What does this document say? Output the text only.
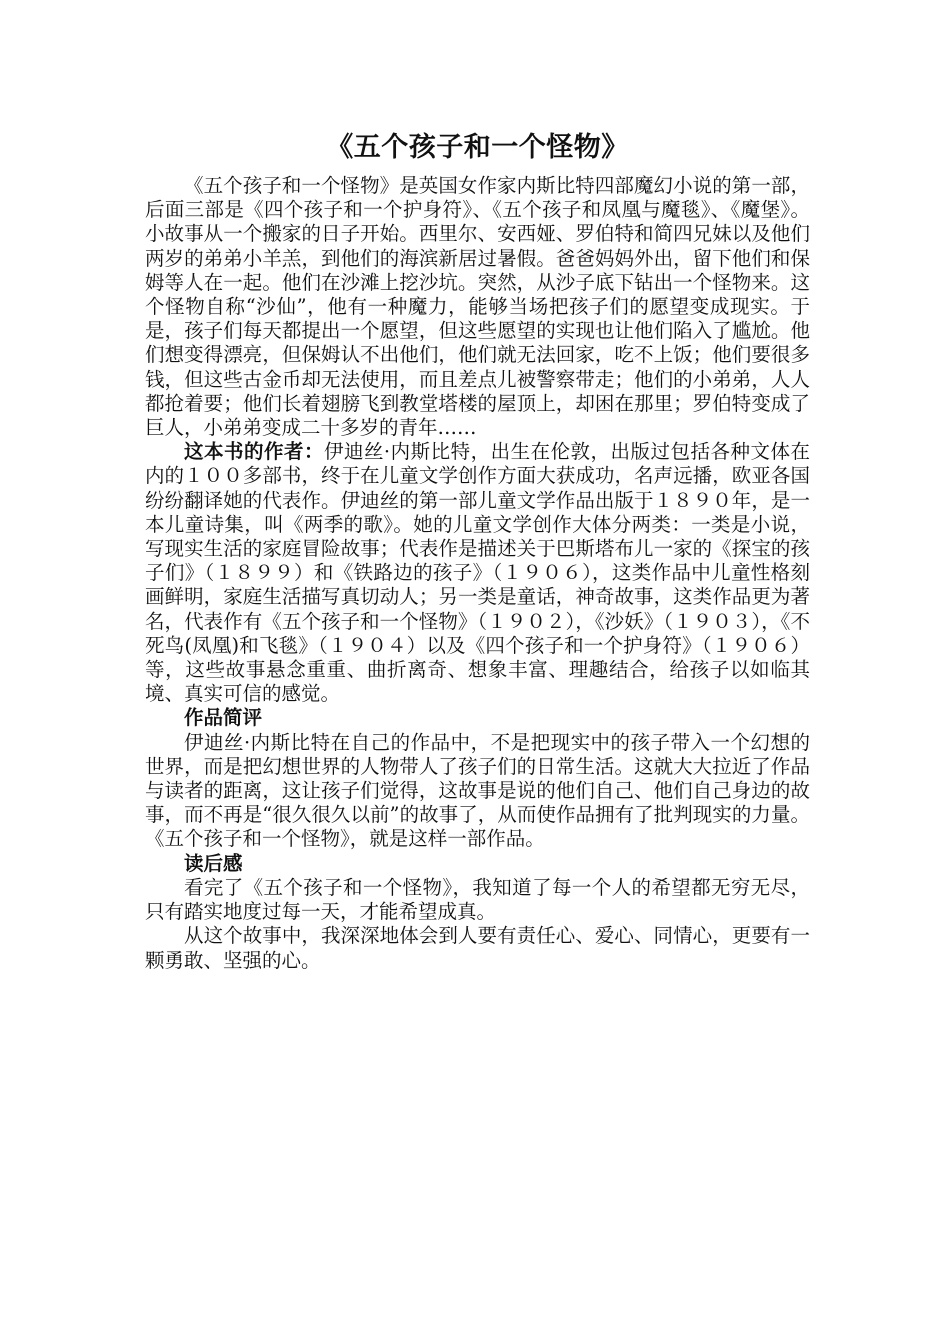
《五个孩子和一个怪物》

《五个孩子和一个怪物》是英国女作家内斯比特四部魔幻小说的第一部，后面三部是《四个孩子和一个护身符》、《五个孩子和凤凰与魔毯》、《魔堡》。小故事从一个搬家的日子开始。西里尔、安西娅、罗伯特和简四兄妹以及他们两岁的弟弟小羊羔，到他们的海滨新居过暑假。爸爸妈妈外出，留下他们和保姆等人在一起。他们在沙滩上挖沙坑。突然，从沙子底下钻出一个怪物来。这个怪物自称“沙仙”，他有一种魔力，能够当场把孩子们的愿望变成现实。于是，孩子们每天都提出一个愿望，但这些愿望的实现也让他们陷入了尴尬。他们想变得漂亮，但保姆认不出他们，他们就无法回家，吃不上饭；他们要很多钱，但这些古金币却无法使用，而且差点儿被警察带走；他们的小弟弟，人人都抢着要；他们长着翅膀飞到教堂塔楼的屋顶上，却困在那里；罗伯特变成了巨人，小弟弟变成二十多岁的青年……

这本书的作者：伊迪丝·内斯比特，出生在伦敦，出版过包括各种文体在内的１００多部书，终于在儿童文学创作方面大获成功，名声远播，欧亚各国纷纷翻译她的代表作。伊迪丝的第一部儿童文学作品出版于１８９０年，是一本儿童诗集，叫《两季的歌》。她的儿童文学创作大体分两类：一类是小说，写现实生活的家庭冒险故事；代表作是描述关于巴斯塔布儿一家的《探宝的孩子们》（１８９９）和《铁路边的孩子》（１９０６），这类作品中儿童性格刻画鲜明，家庭生活描写真切动人；另一类是童话，神奇故事，这类作品更为著名，代表作有《五个孩子和一个怪物》（１９０２），《沙妖》（１９０３），《不死鸟(凤凰)和飞毯》（１９０４）以及《四个孩子和一个护身符》（１９０６）等，这些故事悬念重重、曲折离奇、想象丰富、理趣结合，给孩子以如临其境、真实可信的感觉。

作品简评

伊迪丝·内斯比特在自己的作品中，不是把现实中的孩子带入一个幻想的世界，而是把幻想世界的人物带人了孩子们的日常生活。这就大大拉近了作品与读者的距离，这让孩子们觉得，这故事是说的他们自己、他们自己身边的故事，而不再是“很久很久以前”的故事了，从而使作品拥有了批判现实的力量。《五个孩子和一个怪物》，就是这样一部作品。

读后感

看完了《五个孩子和一个怪物》，我知道了每一个人的希望都无穷无尽，只有踏实地度过每一天，才能希望成真。

从这个故事中，我深深地体会到人要有责任心、爱心、同情心，更要有一颗勇敢、坚强的心。
